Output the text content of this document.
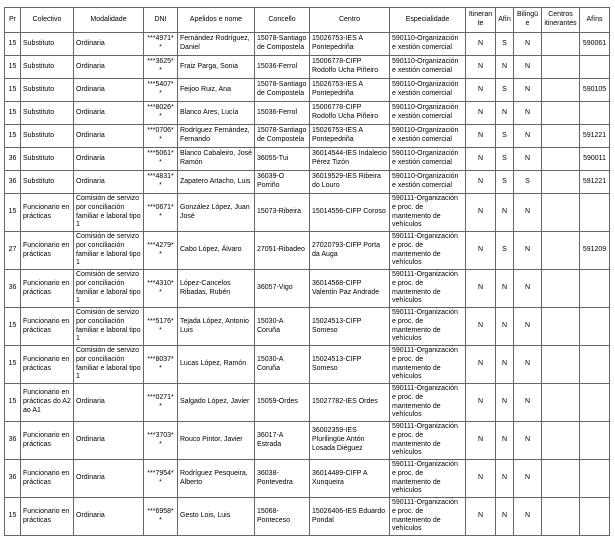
Pr	Colectivo	Modalidade	DNI	Apelidos e nome	Concello	Centro	Especialidade	Itinerante	Afín	Bilingüe	Centros itinerantes	Afíns
15	Substituto	Ordinaria	***4971**	Fernández Rodríguez, Daniel	15078-Santiago de Compostela	15026753-IES A Pontepedriña	590110-Organización e xestión comercial	N	S	N		590061
15	Substituto	Ordinaria	***3625**	Fraiz Parga, Sonia	15036-Ferrol	15006778-CIFP Rodolfo Ucha Piñeiro	590110-Organización e xestión comercial	N	N	N		
15	Substituto	Ordinaria	***5407**	Feijoo Ruiz, Ana	15078-Santiago de Compostela	15026753-IES A Pontepedriña	590110-Organización e xestión comercial	N	S	N		590105
15	Substituto	Ordinaria	***8026**	Blanco Ares, Lucía	15036-Ferrol	15006778-CIFP Rodolfo Ucha Piñeiro	590110-Organización e xestión comercial	N	N	N		
15	Substituto	Ordinaria	***0706**	Rodríguez Fernández, Fernando	15078-Santiago de Compostela	15026753-IES A Pontepedriña	590110-Organización e xestión comercial	N	S	N		591221
36	Substituto	Ordinaria	***5061**	Blanco Cabaleiro, José Ramón	36055-Tui	36014544-IES Indalecio Pérez Tizón	590110-Organización e xestión comercial	N	S	N		590011
36	Substituto	Ordinaria	***4831**	Zapatero Artacho, Luis	36039-O Porriño	36019529-IES Ribeira do Louro	590110-Organización e xestión comercial	N	S	S		591221
15	Funcionario en prácticas	Comisión de servizo por conciliación familiar e laboral tipo 1	***0671**	González López, Juan José	15073-Ribeira	15014556-CIFP Coroso	590111-Organización e proc. de mantemento de vehículos	N	N	N		
27	Funcionario en prácticas	Comisión de servizo por conciliación familiar e laboral tipo 1	***4279**	Cabo López, Álvaro	27051-Ribadeo	27020793-CIFP Porta da Auga	590111-Organización e proc. de mantemento de vehículos	N	S	N		591209
36	Funcionario en prácticas	Comisión de servizo por conciliación familiar e laboral tipo 1	***4310**	López-Cancelos Ribadas, Rubén	36057-Vigo	36014568-CIFP Valentín Paz Andrade	590111-Organización e proc. de mantemento de vehículos	N	N	N		
15	Funcionario en prácticas	Comisión de servizo por conciliación familiar e laboral tipo 1	***5176**	Tejada López, Antonio Luis	15030-A Coruña	15024513-CIFP Someso	590111-Organización e proc. de mantemento de vehículos	N	N	N		
15	Funcionario en prácticas	Comisión de servizo por conciliación familiar e laboral tipo 1	***8037**	Lucas López, Ramón	15030-A Coruña	15024513-CIFP Someso	590111-Organización e proc. de mantemento de vehículos	N	N	N		
15	Funcionario en prácticas do A2 ao A1	Ordinaria	***0271**	Salgado López, Javier	15059-Ordes	15027782-IES Ordes	590111-Organización e proc. de mantemento de vehículos	N	N	N		
36	Funcionario en prácticas	Ordinaria	***3703**	Rouco Pintor, Javier	36017-A Estrada	36002359-IES Plurilingüe Antón Losada Diéguez	590111-Organización e proc. de mantemento de vehículos	N	N	N		
36	Funcionario en prácticas	Ordinaria	***7954**	Rodríguez Pesqueira, Alberto	36038-Pontevedra	36014489-CIFP A Xunqueira	590111-Organización e proc. de mantemento de vehículos	N	N	N		
15	Funcionario en prácticas	Ordinaria	***6958**	Gesto Lois, Luis	15068-Ponteceso	15026406-IES Eduardo Pondal	590111-Organización e proc. de mantemento de vehículos	N	N	N		
